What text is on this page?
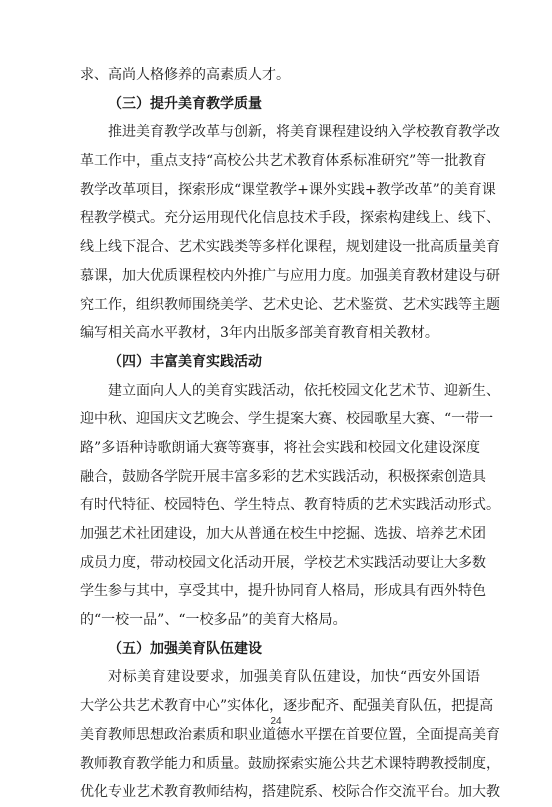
求、高尚人格修养的高素质人才。
（三）提升美育教学质量
推进美育教学改革与创新，将美育课程建设纳入学校教育教学改
革工作中，重点支持“高校公共艺术教育体系标准研究”等一批教育
教学改革项目，探索形成“课堂教学+课外实践+教学改革”的美育课
程教学模式。充分运用现代化信息技术手段，探索构建线上、线下、
线上线下混合、艺术实践类等多样化课程，规划建设一批高质量美育
慕课，加大优质课程校内外推广与应用力度。加强美育教材建设与研
究工作，组织教师围绕美学、艺术史论、艺术鉴赏、艺术实践等主题
编写相关高水平教材，3年内出版多部美育教育相关教材。
（四）丰富美育实践活动
建立面向人人的美育实践活动，依托校园文化艺术节、迎新生、
迎中秋、迎国庆文艺晚会、学生提案大赛、校园歌星大赛、“一带一
路”多语种诗歌朗诵大赛等赛事，将社会实践和校园文化建设深度
融合，鼓励各学院开展丰富多彩的艺术实践活动，积极探索创造具
有时代特征、校园特色、学生特点、教育特质的艺术实践活动形式。
加强艺术社团建设，加大从普通在校生中挖掘、选拔、培养艺术团
成员力度，带动校园文化活动开展，学校艺术实践活动要让大多数
学生参与其中，享受其中，提升协同育人格局，形成具有西外特色
的“一校一品”、“一校多品”的美育大格局。
（五）加强美育队伍建设
对标美育建设要求，加强美育队伍建设，加快“西安外国语
大学公共艺术教育中心”实体化，逐步配齐、配强美育队伍，把提高
美育教师思想政治素质和职业道德水平摆在首要位置，全面提高美育
教师教育教学能力和质量。鼓励探索实施公共艺术课特聘教授制度，
优化专业艺术教育教师结构，搭建院系、校际合作交流平台。加大教
24
